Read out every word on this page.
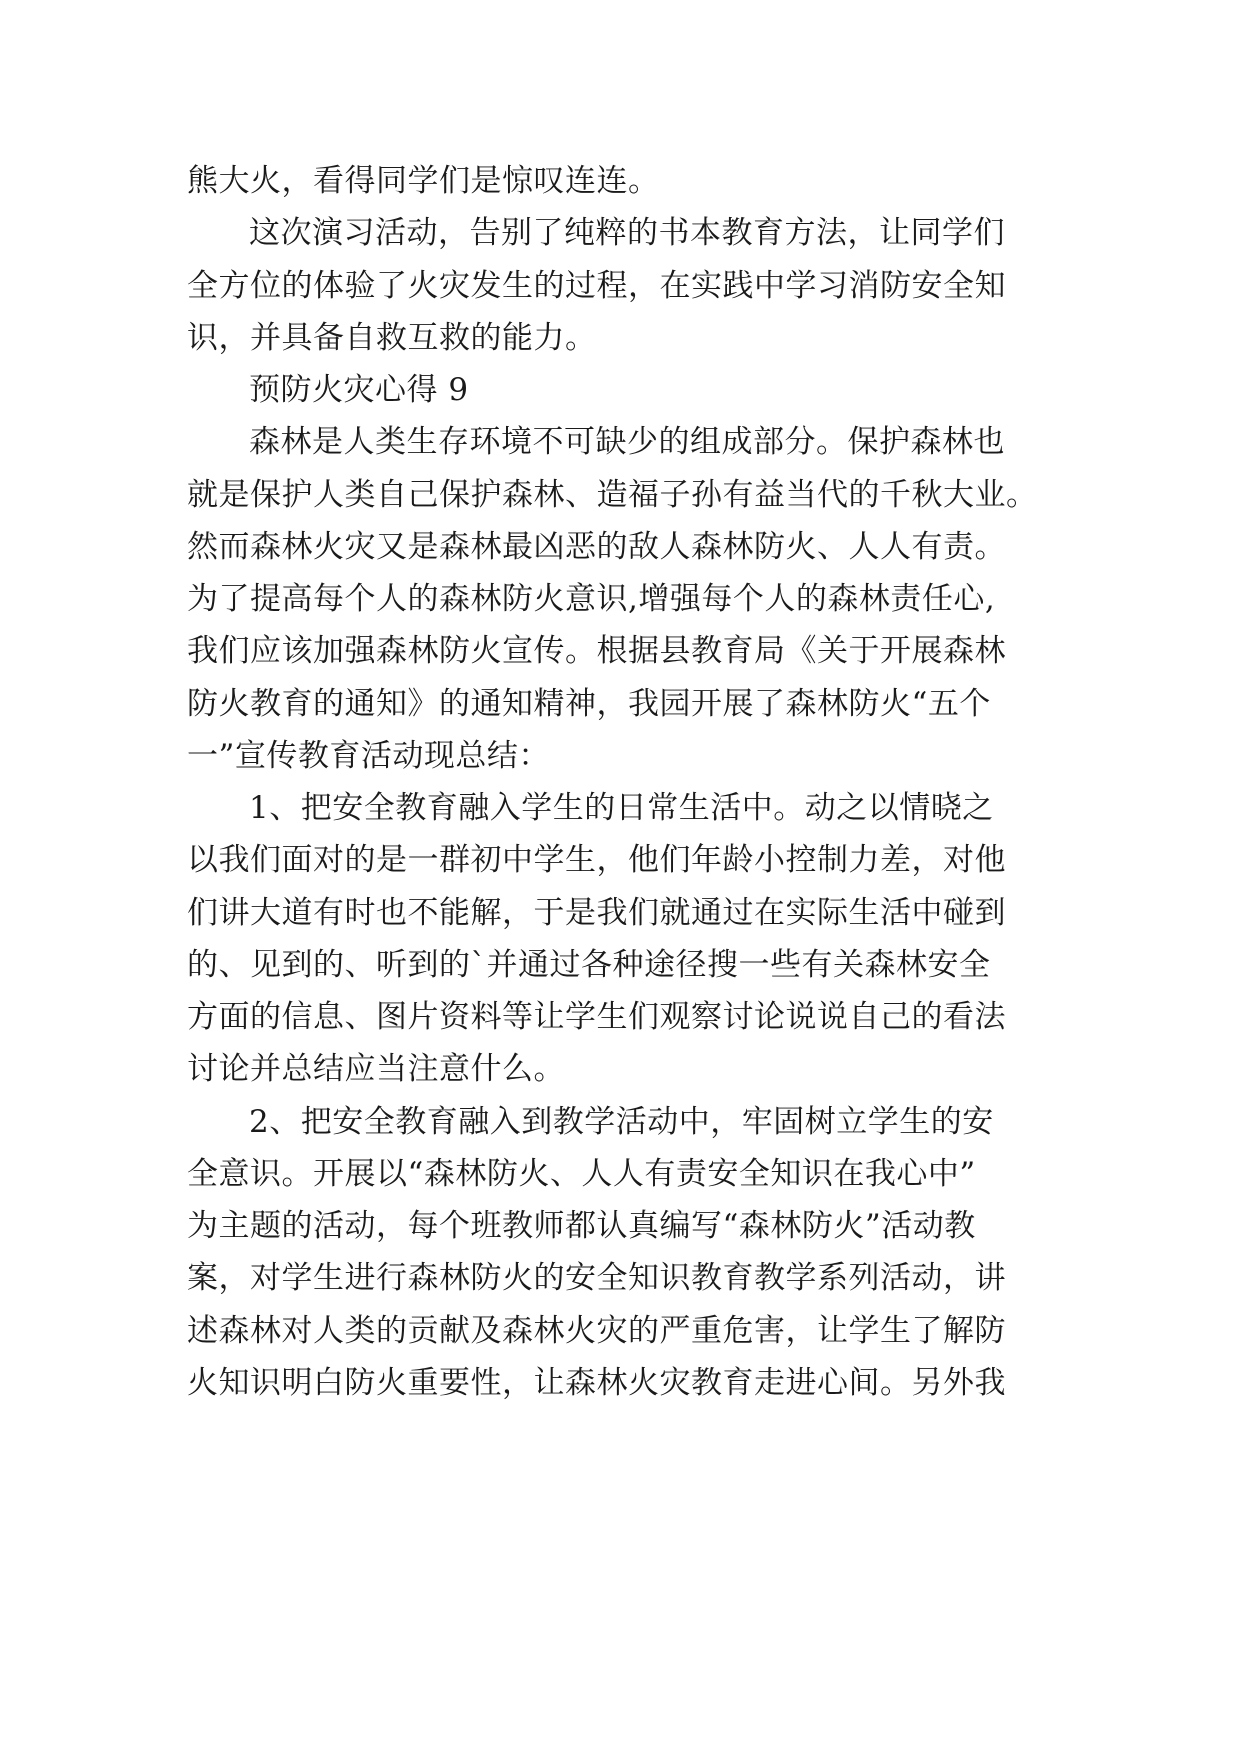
熊大火，看得同学们是惊叹连连。
这次演习活动，告别了纯粹的书本教育方法，让同学们
全方位的体验了火灾发生的过程，在实践中学习消防安全知
识，并具备自救互救的能力。
预防火灾心得 9
森林是人类生存环境不可缺少的组成部分。保护森林也
就是保护人类自己保护森林、造福子孙有益当代的千秋大业。
然而森林火灾又是森林最凶恶的敌人森林防火、人人有责。
为了提高每个人的森林防火意识,增强每个人的森林责任心,
我们应该加强森林防火宣传。根据县教育局《关于开展森林
防火教育的通知》的通知精神，我园开展了森林防火“五个
一”宣传教育活动现总结：
1、把安全教育融入学生的日常生活中。动之以情晓之
以我们面对的是一群初中学生，他们年龄小控制力差，对他
们讲大道有时也不能解，于是我们就通过在实际生活中碰到
的、见到的、听到的`并通过各种途径搜一些有关森林安全
方面的信息、图片资料等让学生们观察讨论说说自己的看法
讨论并总结应当注意什么。
2、把安全教育融入到教学活动中，牢固树立学生的安
全意识。开展以“森林防火、人人有责安全知识在我心中”
为主题的活动，每个班教师都认真编写“森林防火”活动教
案，对学生进行森林防火的安全知识教育教学系列活动，讲
述森林对人类的贡献及森林火灾的严重危害，让学生了解防
火知识明白防火重要性，让森林火灾教育走进心间。另外我
